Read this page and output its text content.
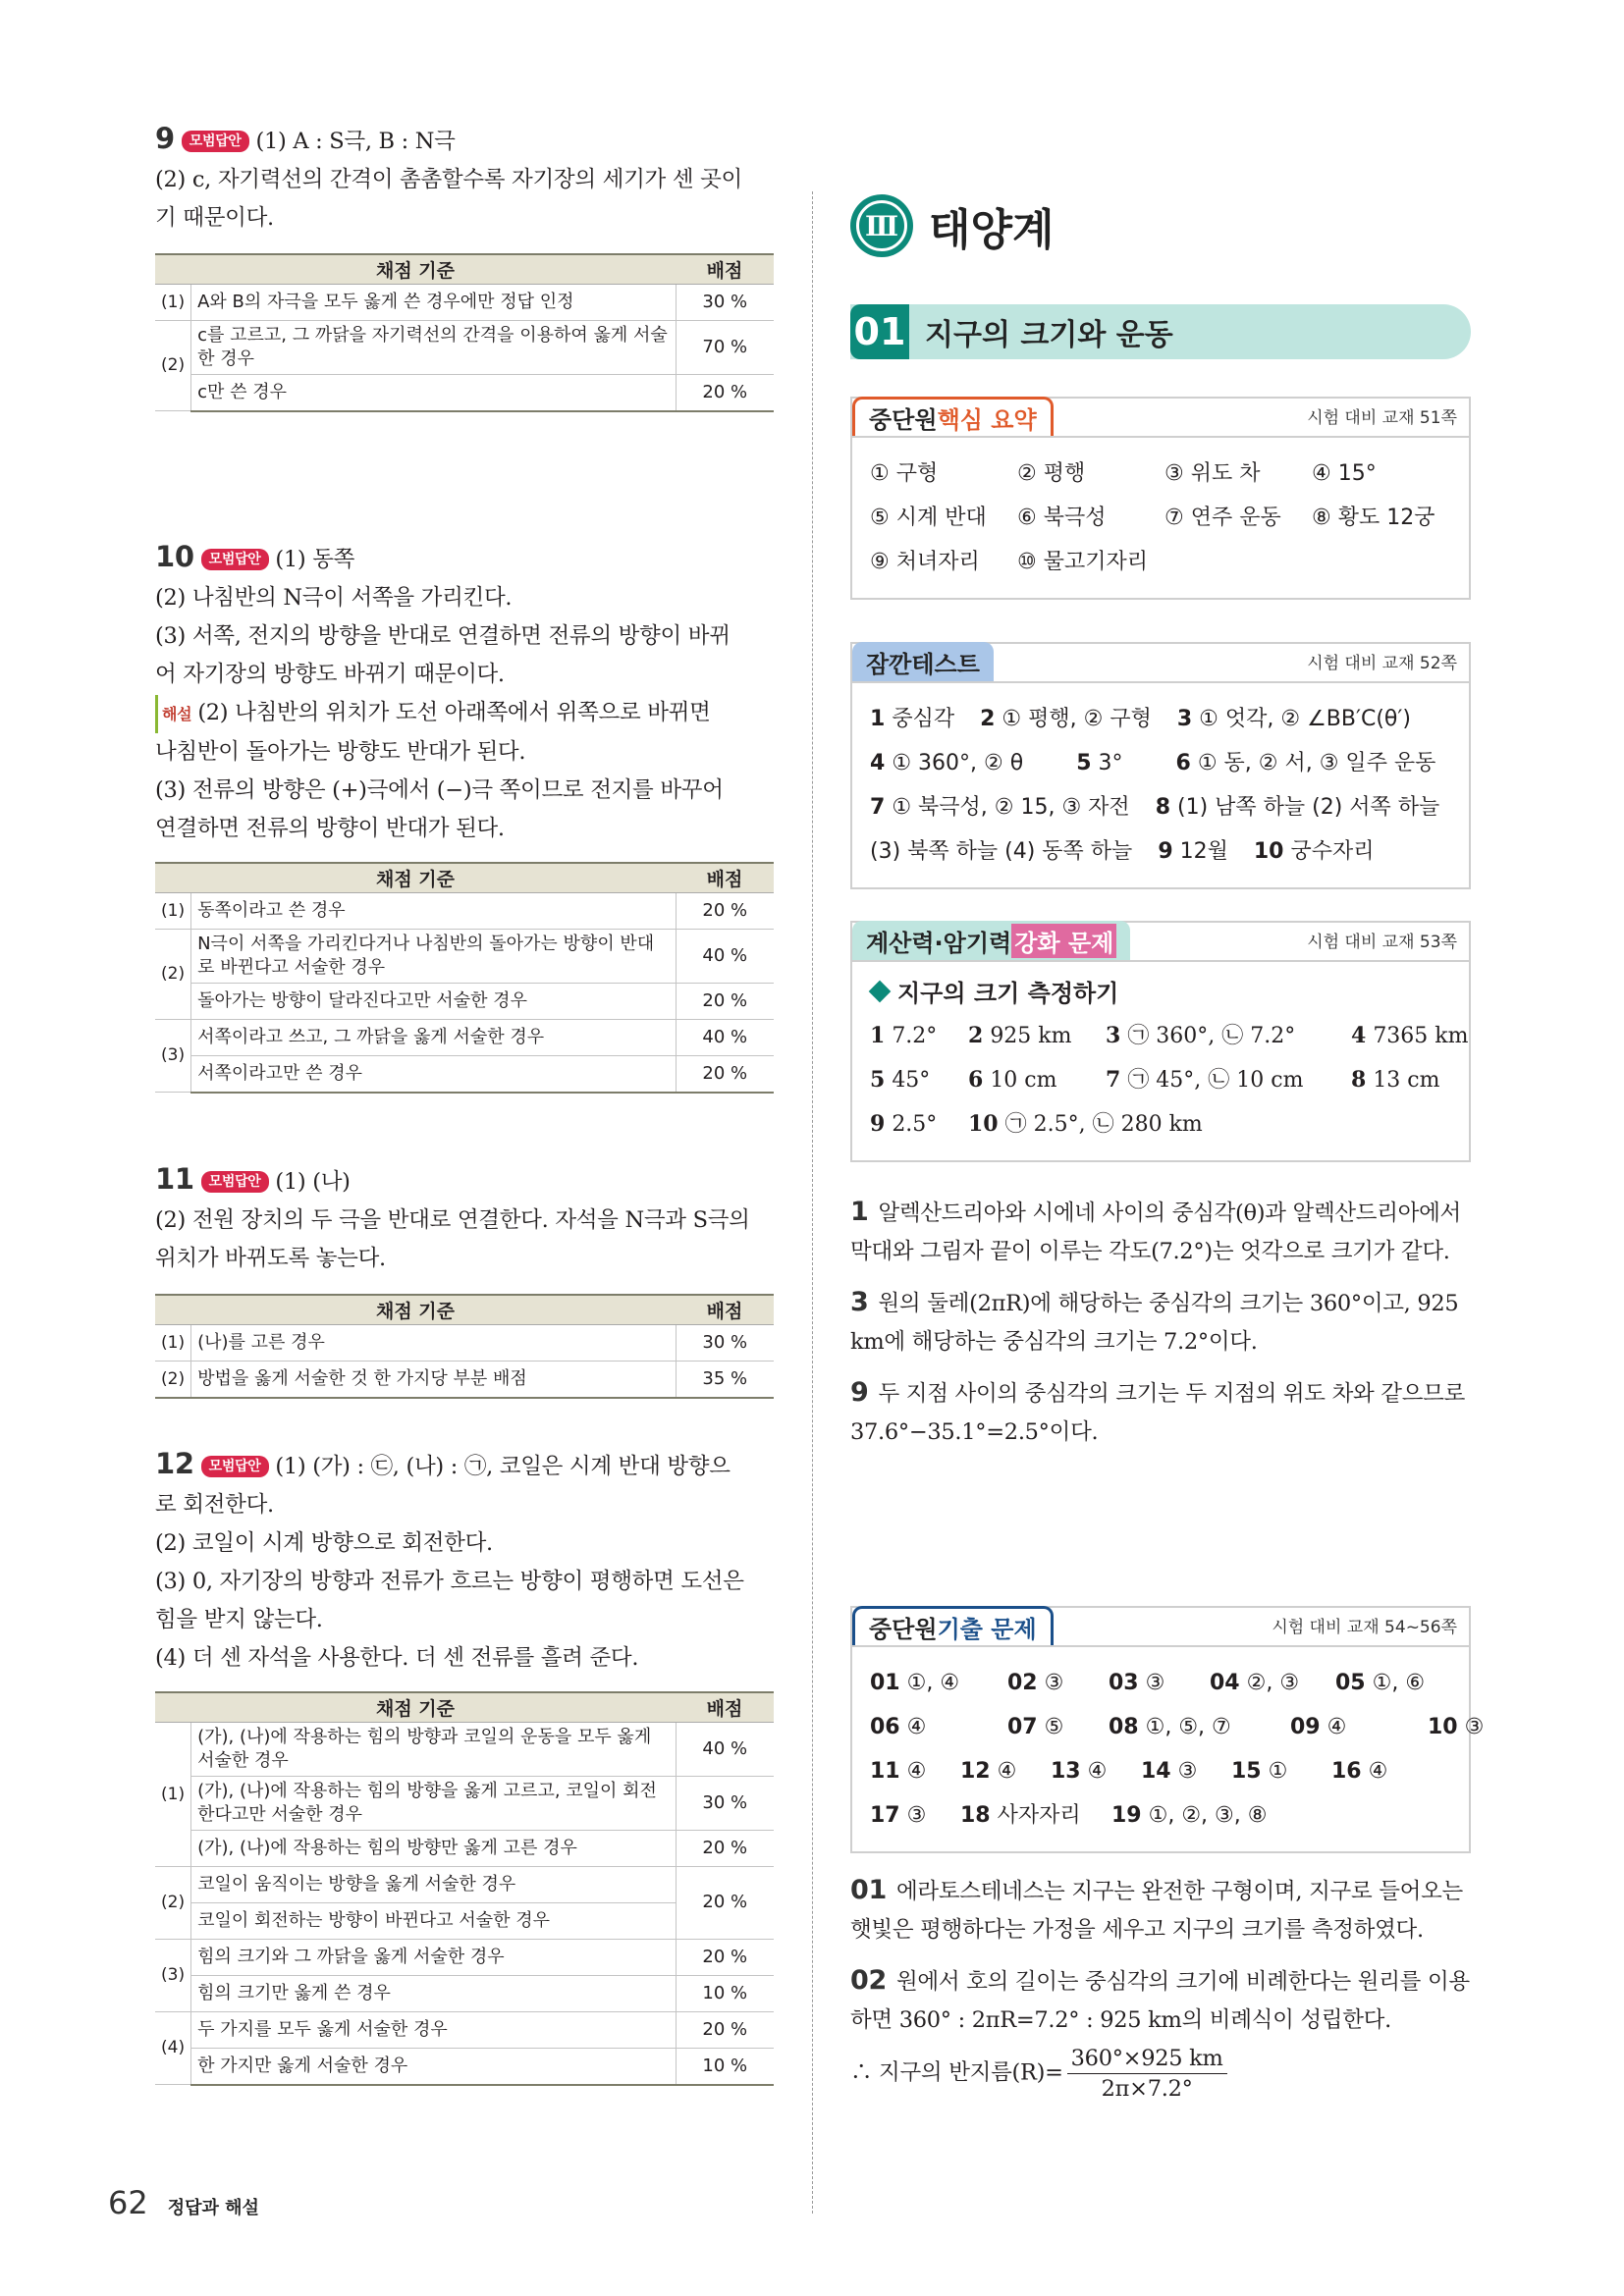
9 모범답안 (1) A : S극, B : N극
(2) c, 자기력선의 간격이 촘촘할수록 자기장의 세기가 센 곳이
기 때문이다.
채점 기준		배점
(1)	A와 B의 자극을 모두 옳게 쓴 경우에만 정답 인정	30 %
(2)	c를 고르고, 그 까닭을 자기력선의 간격을 이용하여 옳게 서술한 경우	70 %
	c만 쓴 경우	20 %
10 모범답안 (1) 동쪽
(2) 나침반의 N극이 서쪽을 가리킨다.
(3) 서쪽, 전지의 방향을 반대로 연결하면 전류의 방향이 바뀌
어 자기장의 방향도 바뀌기 때문이다.
해설 (2) 나침반의 위치가 도선 아래쪽에서 위쪽으로 바뀌면
나침반이 돌아가는 방향도 반대가 된다.
(3) 전류의 방향은 (+)극에서 (−)극 쪽이므로 전지를 바꾸어
연결하면 전류의 방향이 반대가 된다.
채점 기준		배점
(1)	동쪽이라고 쓴 경우	20 %
(2)	N극이 서쪽을 가리킨다거나 나침반의 돌아가는 방향이 반대로 바뀐다고 서술한 경우	40 %
	돌아가는 방향이 달라진다고만 서술한 경우	20 %
(3)	서쪽이라고 쓰고, 그 까닭을 옳게 서술한 경우	40 %
	서쪽이라고만 쓴 경우	20 %
11 모범답안 (1) (나)
(2) 전원 장치의 두 극을 반대로 연결한다. 자석을 N극과 S극의
위치가 바뀌도록 놓는다.
채점 기준		배점
(1)	(나)를 고른 경우	30 %
(2)	방법을 옳게 서술한 것 한 가지당 부분 배점	35 %
12 모범답안 (1) (가) : ㉢, (나) : ㉠, 코일은 시계 반대 방향으
로 회전한다.
(2) 코일이 시계 방향으로 회전한다.
(3) 0, 자기장의 방향과 전류가 흐르는 방향이 평행하면 도선은
힘을 받지 않는다.
(4) 더 센 자석을 사용한다. 더 센 전류를 흘려 준다.
채점 기준		배점
(1)	(가), (나)에 작용하는 힘의 방향과 코일의 운동을 모두 옳게 서술한 경우	40 %
	(가), (나)에 작용하는 힘의 방향을 옳게 고르고, 코일이 회전한다고만 서술한 경우	30 %
	(가), (나)에 작용하는 힘의 방향만 옳게 고른 경우	20 %
(2)	코일이 움직이는 방향을 옳게 서술한 경우	20 %
	코일이 회전하는 방향이 바뀐다고 서술한 경우	
(3)	힘의 크기와 그 까닭을 옳게 서술한 경우	20 %
	힘의 크기만 옳게 쓴 경우	10 %
(4)	두 가지를 모두 옳게 서술한 경우	20 %
	한 가지만 옳게 서술한 경우	10 %
Ⅲ 태양계
01 지구의 크기와 운동
중단원 핵심 요약	시험 대비 교재 51쪽
① 구형	② 평행	③ 위도 차	④ 15°
⑤ 시계 반대	⑥ 북극성	⑦ 연주 운동	⑧ 황도 12궁
⑨ 처녀자리	⑩ 물고기자리
잠깐 테스트	시험 대비 교재 52쪽
1 중심각 2 ① 평행, ② 구형 3 ① 엇각, ② ∠BB′C(θ′)
4 ① 360°, ② θ 5 3° 6 ① 동, ② 서, ③ 일주 운동
7 ① 북극성, ② 15, ③ 자전 8 (1) 남쪽 하늘 (2) 서쪽 하늘
(3) 북쪽 하늘 (4) 동쪽 하늘 9 12월 10 궁수자리
계산력·암기력 강화 문제	시험 대비 교재 53쪽
지구의 크기 측정하기
1 7.2°	2 925 km	3 ㉠ 360°, ㉡ 7.2°	4 7365 km
5 45°	6 10 cm	7 ㉠ 45°, ㉡ 10 cm	8 13 cm
9 2.5°	10 ㉠ 2.5°, ㉡ 280 km

1 알렉산드리아와 시에네 사이의 중심각(θ)과 알렉산드리아에서 막대와 그림자 끝이 이루는 각도(7.2°)는 엇각으로 크기가 같다.

3 원의 둘레(2πR)에 해당하는 중심각의 크기는 360°이고, 925 km에 해당하는 중심각의 크기는 7.2°이다.

9 두 지점 사이의 중심각의 크기는 두 지점의 위도 차와 같으므로 37.6°−35.1°=2.5°이다.

중단원 기출 문제	시험 대비 교재 54~56쪽
01 ①, ④	02 ③	03 ③	04 ②, ③	05 ①, ⑥
06 ④	07 ⑤	08 ①, ⑤, ⑦	09 ④	10 ③
11 ④	12 ④	13 ④	14 ③	15 ①	16 ④
17 ③	18 사자자리	19 ①, ②, ③, ⑧

01 에라토스테네스는 지구는 완전한 구형이며, 지구로 들어오는 햇빛은 평행하다는 가정을 세우고 지구의 크기를 측정하였다.

02 원에서 호의 길이는 중심각의 크기에 비례한다는 원리를 이용하면 360° : 2πR=7.2° : 925 km의 비례식이 성립한다.

∴ 지구의 반지름$(R)= \frac{360^\circ\times 925 km}{2\pi\times 7.2^\circ}$

62 정답과 해설
